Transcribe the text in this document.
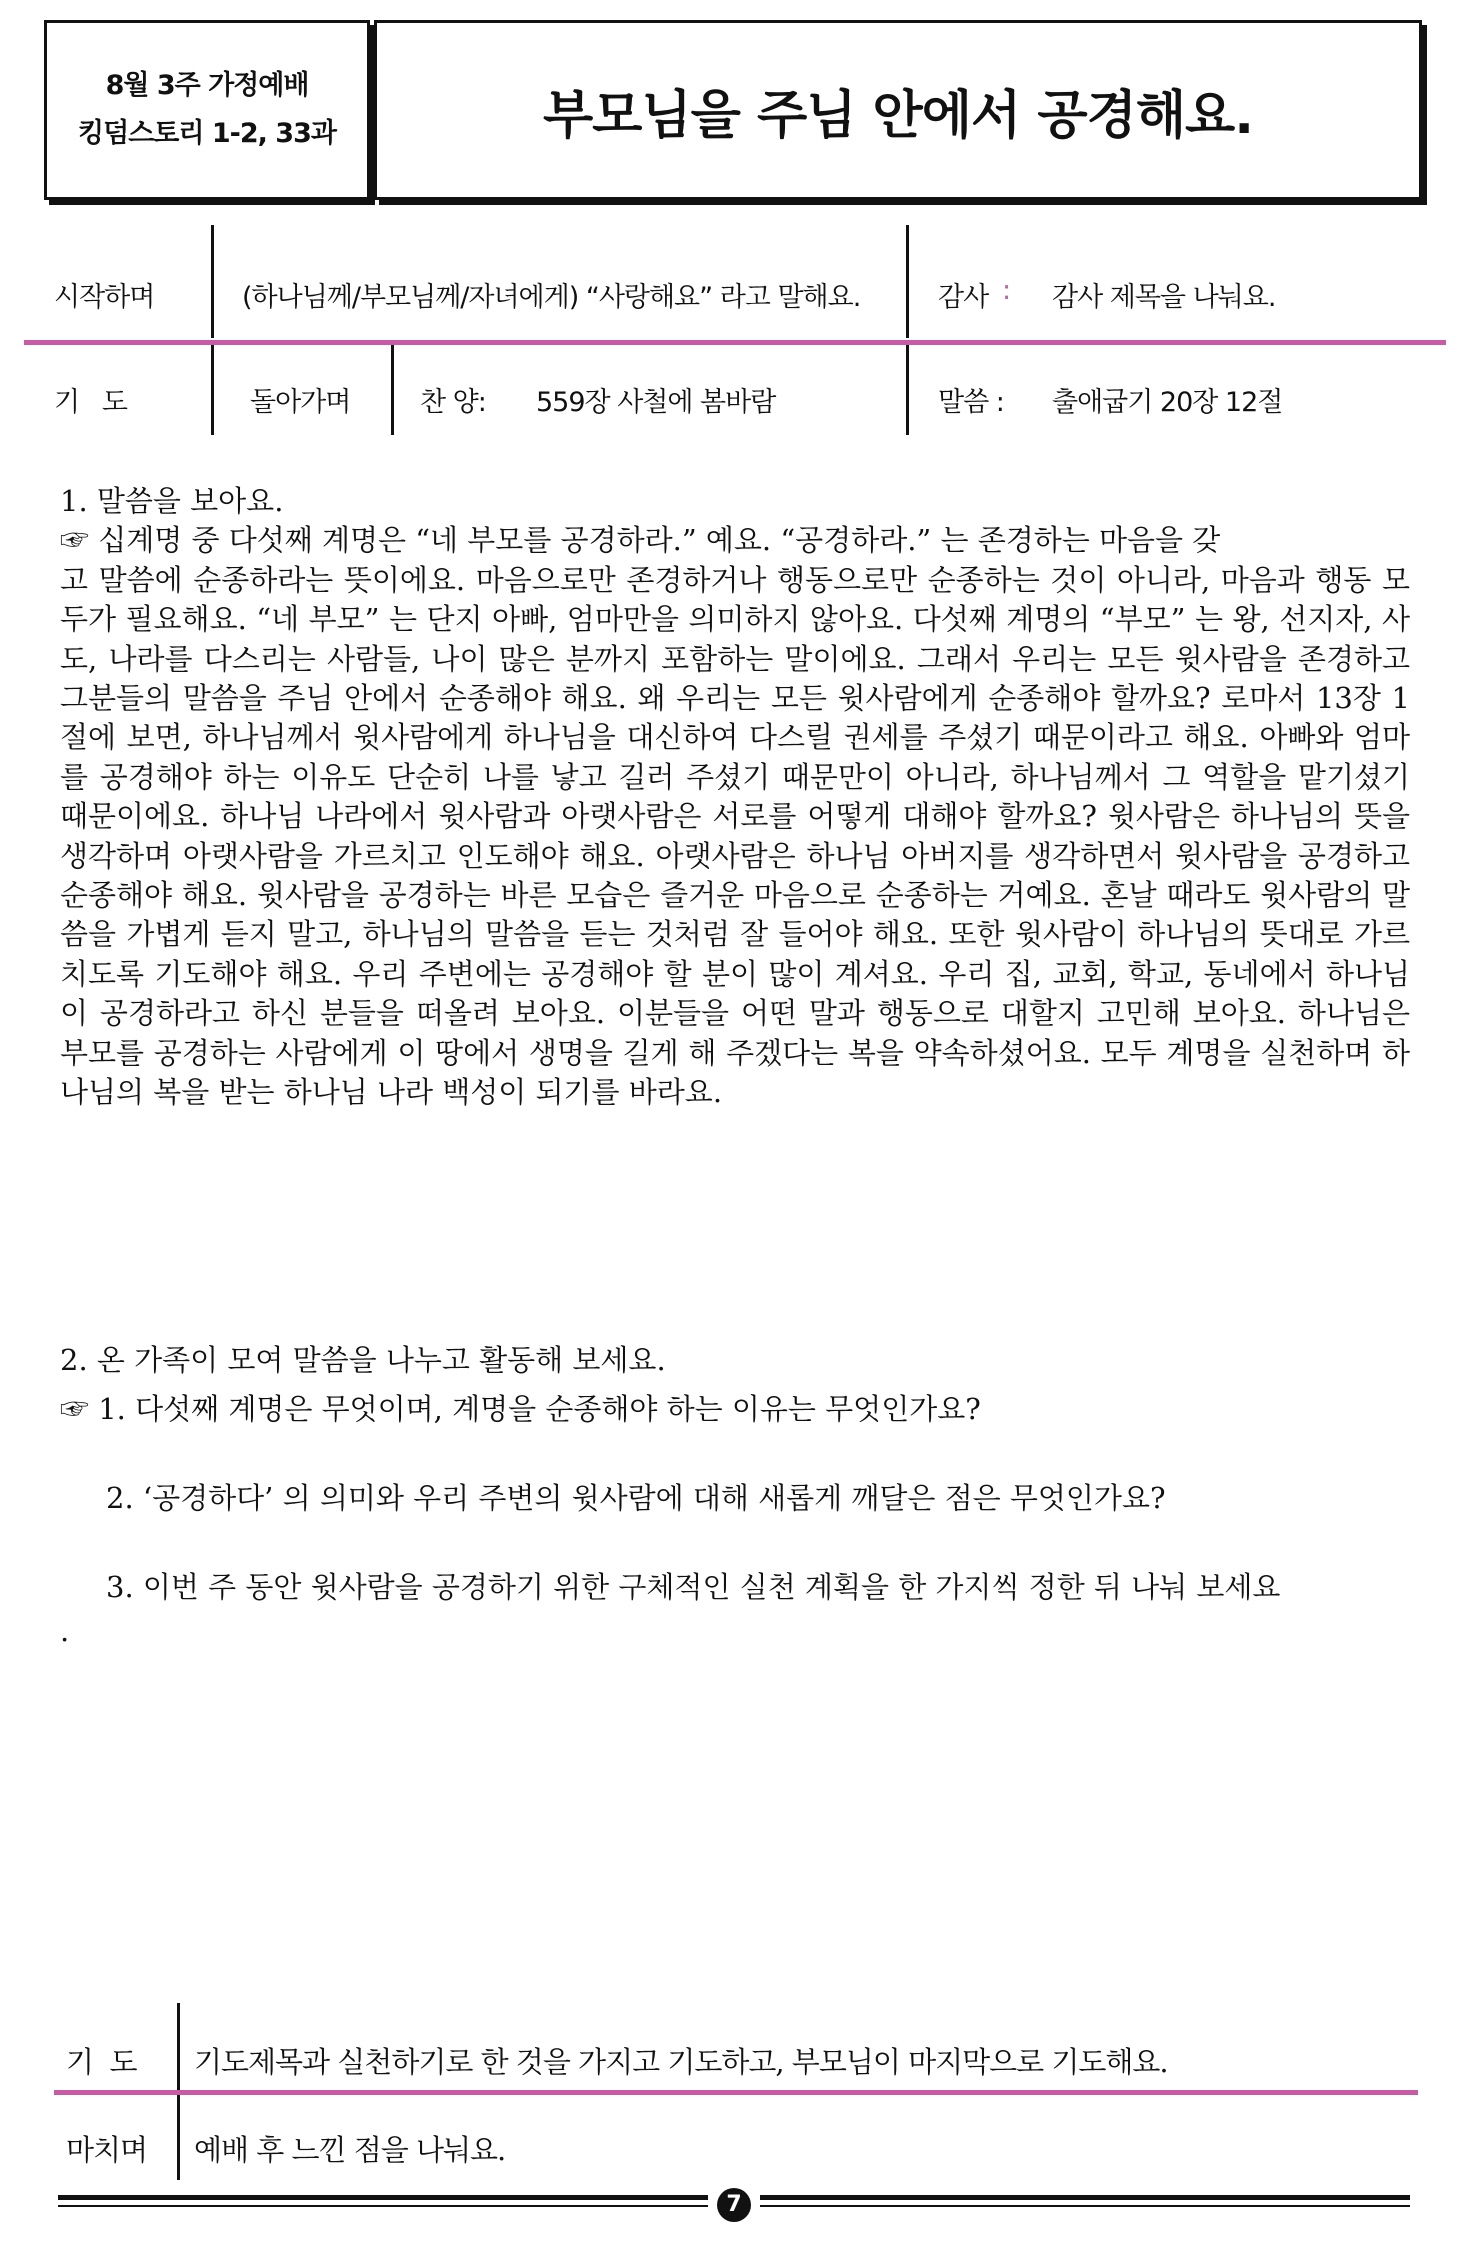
8월 3주 가정예배
킹덤스토리 1-2, 33과	부모님을 주님 안에서 공경해요.
시작하며	(하나님께/부모님께/자녀에게) “사랑해요” 라고 말해요.	감사 : 감사 제목을 나눠요.
기   도	돌아가며	찬 양: 559장 사철에 봄바람	말씀 : 출애굽기 20장 12절
1. 말씀을 보아요.
☞ 십계명 중 다섯째 계명은 “네 부모를 공경하라.” 예요. “공경하라.” 는 존경하는 마음을 갖
고 말씀에 순종하라는 뜻이에요. 마음으로만 존경하거나 행동으로만 순종하는 것이 아니라, 마음과 행동 모두가 필요해요. “네 부모” 는 단지 아빠, 엄마만을 의미하지 않아요. 다섯째 계명의 “부모” 는 왕, 선지자, 사도, 나라를 다스리는 사람들, 나이 많은 분까지 포함하는 말이에요. 그래서 우리는 모든 윗사람을 존경하고 그분들의 말씀을 주님 안에서 순종해야 해요. 왜 우리는 모든 윗사람에게 순종해야 할까요? 로마서 13장 1절에 보면, 하나님께서 윗사람에게 하나님을 대신하여 다스릴 권세를 주셨기 때문이라고 해요. 아빠와 엄마를 공경해야 하는 이유도 단순히 나를 낳고 길러 주셨기 때문만이 아니라, 하나님께서 그 역할을 맡기셨기 때문이에요. 하나님 나라에서 윗사람과 아랫사람은 서로를 어떻게 대해야 할까요? 윗사람은 하나님의 뜻을 생각하며 아랫사람을 가르치고 인도해야 해요. 아랫사람은 하나님 아버지를 생각하면서 윗사람을 공경하고 순종해야 해요. 윗사람을 공경하는 바른 모습은 즐거운 마음으로 순종하는 거예요. 혼날 때라도 윗사람의 말씀을 가볍게 듣지 말고, 하나님의 말씀을 듣는 것처럼 잘 들어야 해요. 또한 윗사람이 하나님의 뜻대로 가르치도록 기도해야 해요. 우리 주변에는 공경해야 할 분이 많이 계셔요. 우리 집, 교회, 학교, 동네에서 하나님이 공경하라고 하신 분들을 떠올려 보아요. 이분들을 어떤 말과 행동으로 대할지 고민해 보아요. 하나님은 부모를 공경하는 사람에게 이 땅에서 생명을 길게 해 주겠다는 복을 약속하셨어요. 모두 계명을 실천하며 하나님의 복을 받는 하나님 나라 백성이 되기를 바라요.
2. 온 가족이 모여 말씀을 나누고 활동해 보세요.
☞ 1. 다섯째 계명은 무엇이며, 계명을 순종해야 하는 이유는 무엇인가요?
2. ‘공경하다’ 의 의미와 우리 주변의 윗사람에 대해 새롭게 깨달은 점은 무엇인가요?
3. 이번 주 동안 윗사람을 공경하기 위한 구체적인 실천 계획을 한 가지씩 정한 뒤 나눠 보세요
.
기  도 기도제목과 실천하기로 한 것을 가지고 기도하고, 부모님이 마지막으로 기도해요.
마치며 예배 후 느낀 점을 나눠요.
7
